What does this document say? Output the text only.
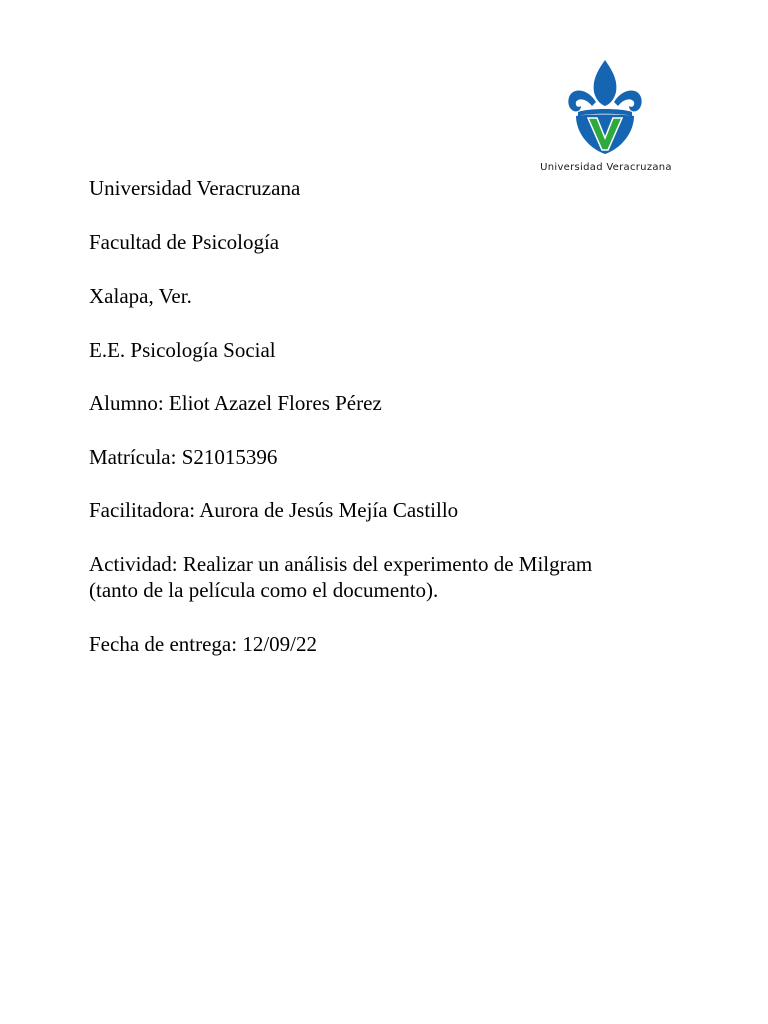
Universidad Veracruzana
Universidad Veracruzana
Facultad de Psicología
Xalapa, Ver.
E.E. Psicología Social
Alumno: Eliot Azazel Flores Pérez
Matrícula: S21015396
Facilitadora: Aurora de Jesús Mejía Castillo
Actividad: Realizar un análisis del experimento de Milgram
(tanto de la película como el documento).
Fecha de entrega: 12/09/22
